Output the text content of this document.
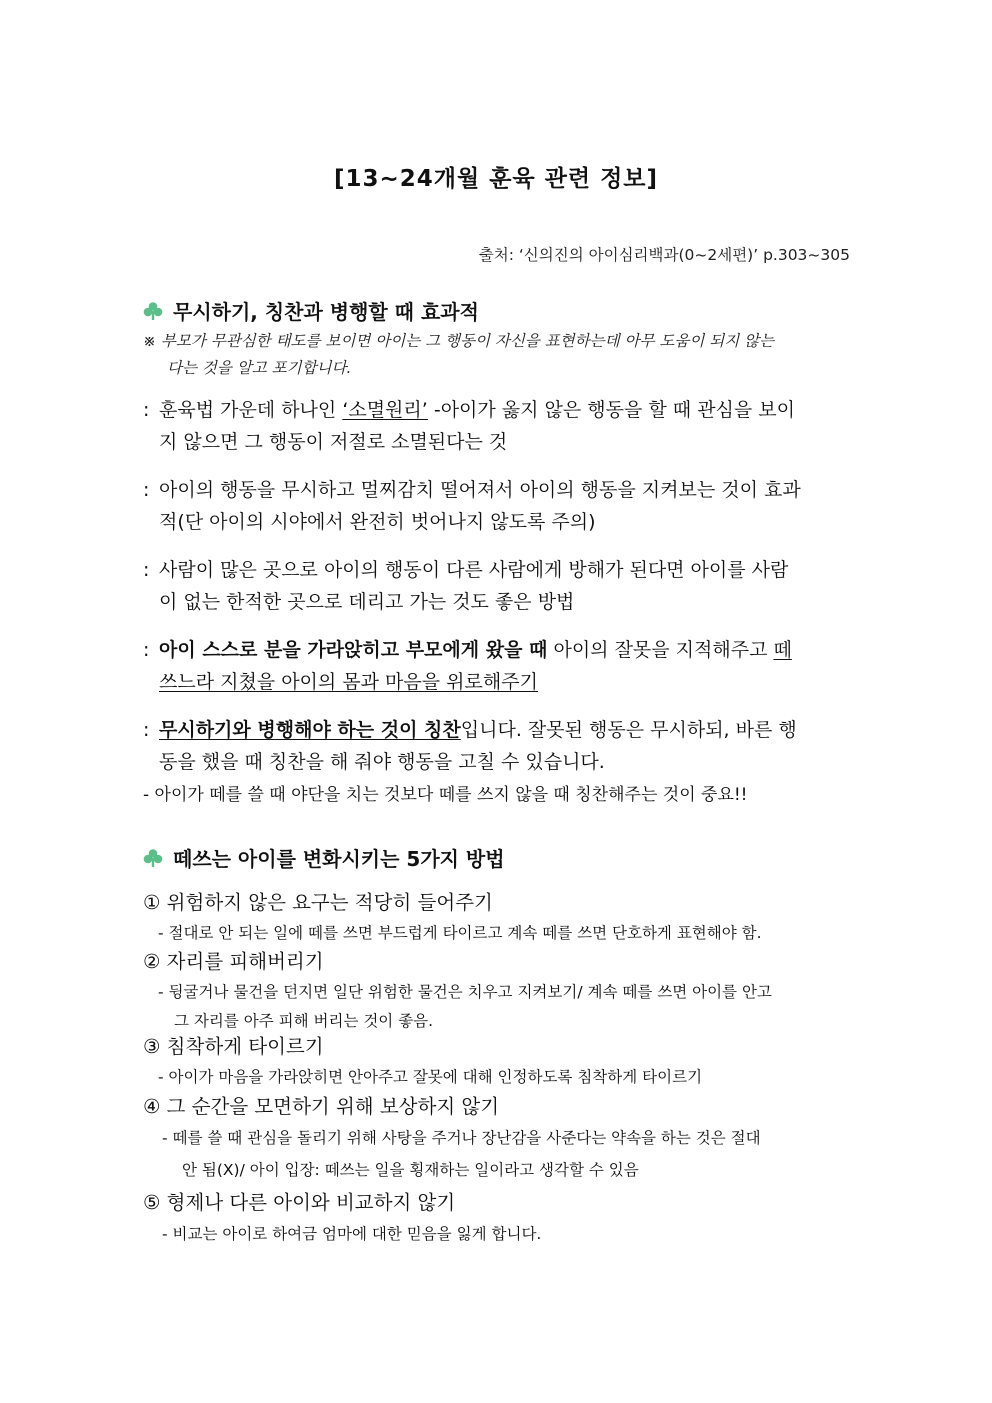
[13~24개월 훈육 관련 정보]
출처: ‘신의진의 아이심리백과(0~2세편)’ p.303~305
무시하기, 칭찬과 병행할 때 효과적
※ 부모가 무관심한 태도를 보이면 아이는 그 행동이 자신을 표현하는데 아무 도움이 되지 않는
다는 것을 알고 포기합니다.
: 훈육법 가운데 하나인 ‘소멸원리’ -아이가 옳지 않은 행동을 할 때 관심을 보이
지 않으면 그 행동이 저절로 소멸된다는 것
: 아이의 행동을 무시하고 멀찌감치 떨어져서 아이의 행동을 지켜보는 것이 효과
적(단 아이의 시야에서 완전히 벗어나지 않도록 주의)
: 사람이 많은 곳으로 아이의 행동이 다른 사람에게 방해가 된다면 아이를 사람
이 없는 한적한 곳으로 데리고 가는 것도 좋은 방법
: 아이 스스로 분을 가라앉히고 부모에게 왔을 때 아이의 잘못을 지적해주고 떼
쓰느라 지쳤을 아이의 몸과 마음을 위로해주기
: 무시하기와 병행해야 하는 것이 칭찬입니다. 잘못된 행동은 무시하되, 바른 행
동을 했을 때 칭찬을 해 줘야 행동을 고칠 수 있습니다.
- 아이가 떼를 쓸 때 야단을 치는 것보다 떼를 쓰지 않을 때 칭찬해주는 것이 중요!!
떼쓰는 아이를 변화시키는 5가지 방법
① 위험하지 않은 요구는 적당히 들어주기
- 절대로 안 되는 일에 떼를 쓰면 부드럽게 타이르고 계속 떼를 쓰면 단호하게 표현해야 함.
② 자리를 피해버리기
- 뒹굴거나 물건을 던지면 일단 위험한 물건은 치우고 지켜보기/ 계속 떼를 쓰면 아이를 안고
그 자리를 아주 피해 버리는 것이 좋음.
③ 침착하게 타이르기
- 아이가 마음을 가라앉히면 안아주고 잘못에 대해 인정하도록 침착하게 타이르기
④ 그 순간을 모면하기 위해 보상하지 않기
- 떼를 쓸 때 관심을 돌리기 위해 사탕을 주거나 장난감을 사준다는 약속을 하는 것은 절대
안 됨(X)/ 아이 입장: 떼쓰는 일을 횡재하는 일이라고 생각할 수 있음
⑤ 형제나 다른 아이와 비교하지 않기
- 비교는 아이로 하여금 엄마에 대한 믿음을 잃게 합니다.
